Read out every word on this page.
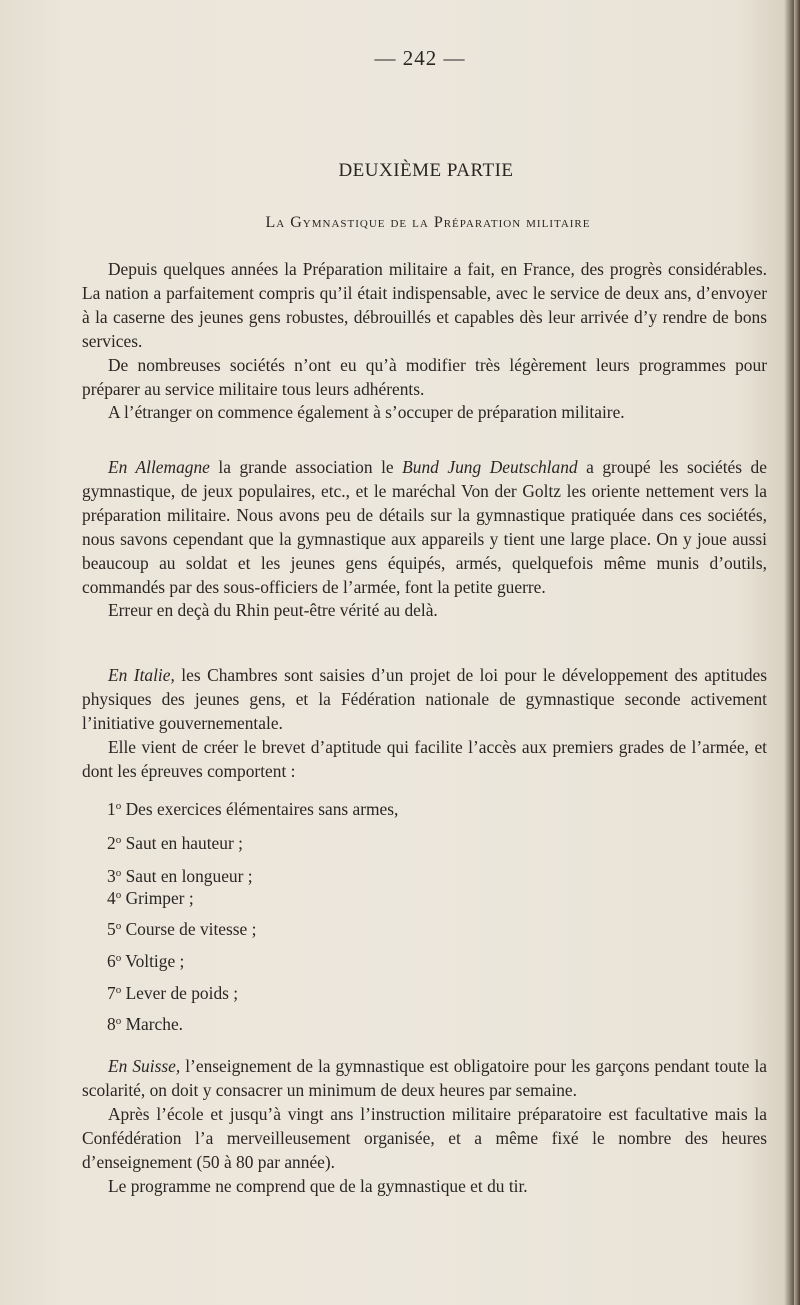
— 242 —
DEUXIÈME PARTIE
La Gymnastique de la Préparation militaire

Depuis quelques années la Préparation militaire a fait, en France, des progrès considérables. La nation a parfaitement compris qu’il était indispensable, avec le service de deux ans, d’envoyer à la caserne des jeunes gens robustes, débrouillés et capables dès leur arrivée d’y rendre de bons services.

De nombreuses sociétés n’ont eu qu’à modifier très légèrement leurs programmes pour préparer au service militaire tous leurs adhérents.

A l’étranger on commence également à s’occuper de préparation militaire.

En Allemagne la grande association le Bund Jung Deutschland a groupé les sociétés de gymnastique, de jeux populaires, etc., et le maréchal Von der Goltz les oriente nettement vers la préparation militaire. Nous avons peu de détails sur la gymnastique pratiquée dans ces sociétés, nous savons cependant que la gymnastique aux appareils y tient une large place. On y joue aussi beaucoup au soldat et les jeunes gens équipés, armés, quelquefois même munis d’outils, commandés par des sous-officiers de l’armée, font la petite guerre.

Erreur en deçà du Rhin peut-être vérité au delà.

En Italie, les Chambres sont saisies d’un projet de loi pour le développement des aptitudes physiques des jeunes gens, et la Fédération nationale de gymnastique seconde activement l’initiative gouvernementale.

Elle vient de créer le brevet d’aptitude qui facilite l’accès aux premiers grades de l’armée, et dont les épreuves comportent :

1$^o$ Des exercices élémentaires sans armes,
2$^o$ Saut en hauteur ;
3$^o$ Saut en longueur ;
4$^o$ Grimper ;
5$^o$ Course de vitesse ;
6$^o$ Voltige ;
7$^o$ Lever de poids ;
8$^o$ Marche.

En Suisse, l’enseignement de la gymnastique est obligatoire pour les garçons pendant toute la scolarité, on doit y consacrer un minimum de deux heures par semaine.

Après l’école et jusqu’à vingt ans l’instruction militaire préparatoire est facultative mais la Confédération l’a merveilleusement organisée, et a même fixé le nombre des heures d’enseignement (50 à 80 par année).

Le programme ne comprend que de la gymnastique et du tir.
